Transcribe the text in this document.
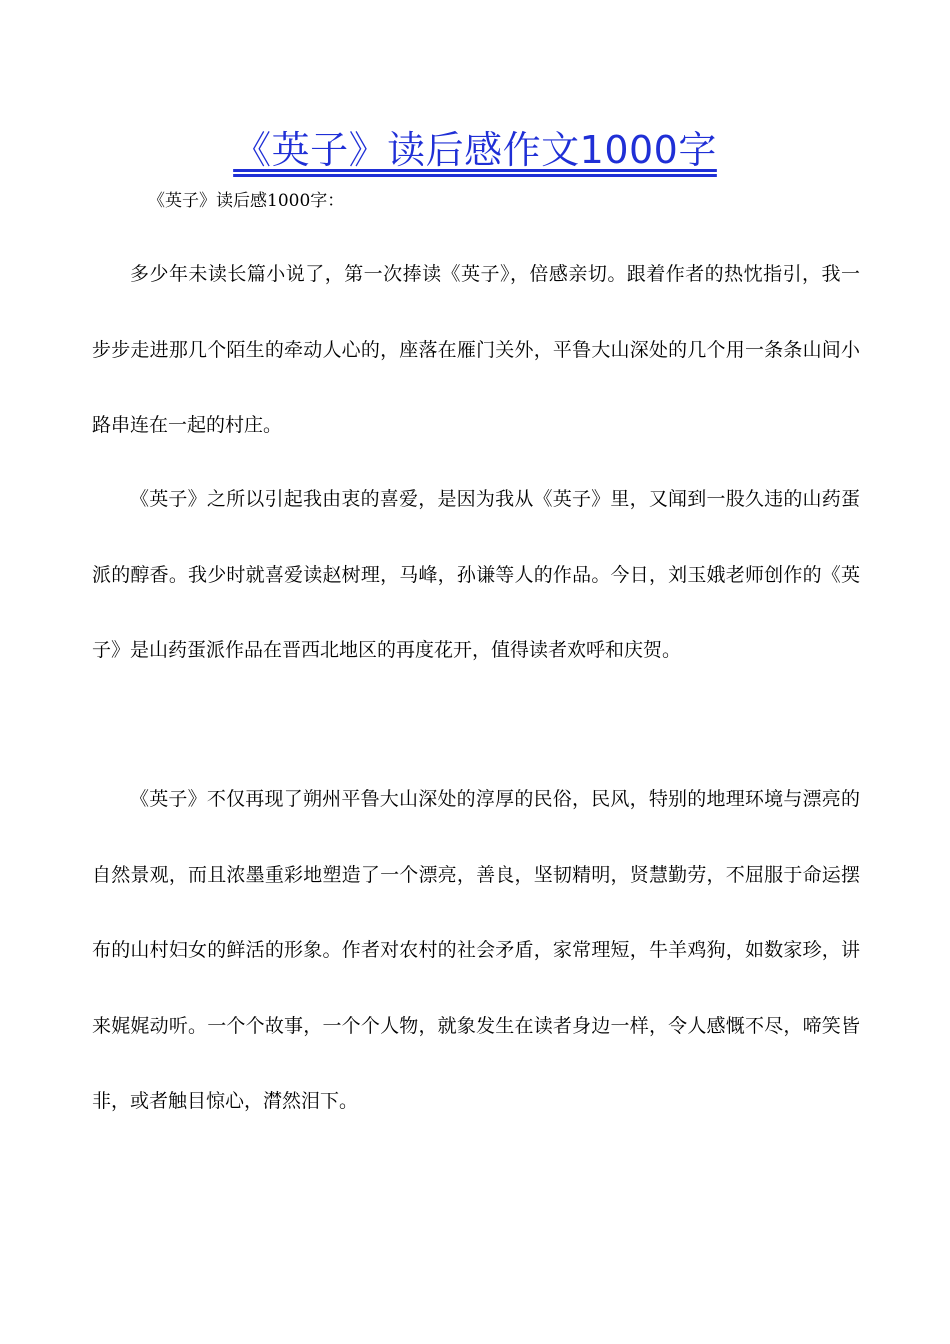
《英子》读后感作文1000字
《英子》读后感1000字：

多少年未读长篇小说了，第一次捧读《英子》，倍感亲切。跟着作者的热忱指引，我一步步走进那几个陌生的牵动人心的，座落在雁门关外，平鲁大山深处的几个用一条条山间小路串连在一起的村庄。

《英子》之所以引起我由衷的喜爱，是因为我从《英子》里，又闻到一股久违的山药蛋派的醇香。我少时就喜爱读赵树理，马峰，孙谦等人的作品。今日，刘玉娥老师创作的《英子》是山药蛋派作品在晋西北地区的再度花开，值得读者欢呼和庆贺。

《英子》不仅再现了朔州平鲁大山深处的淳厚的民俗，民风，特别的地理环境与漂亮的自然景观，而且浓墨重彩地塑造了一个漂亮，善良，坚韧精明，贤慧勤劳，不屈服于命运摆布的山村妇女的鲜活的形象。作者对农村的社会矛盾，家常理短，牛羊鸡狗，如数家珍，讲来娓娓动听。一个个故事，一个个人物，就象发生在读者身边一样，令人感慨不尽，啼笑皆非，或者触目惊心，潸然泪下。
